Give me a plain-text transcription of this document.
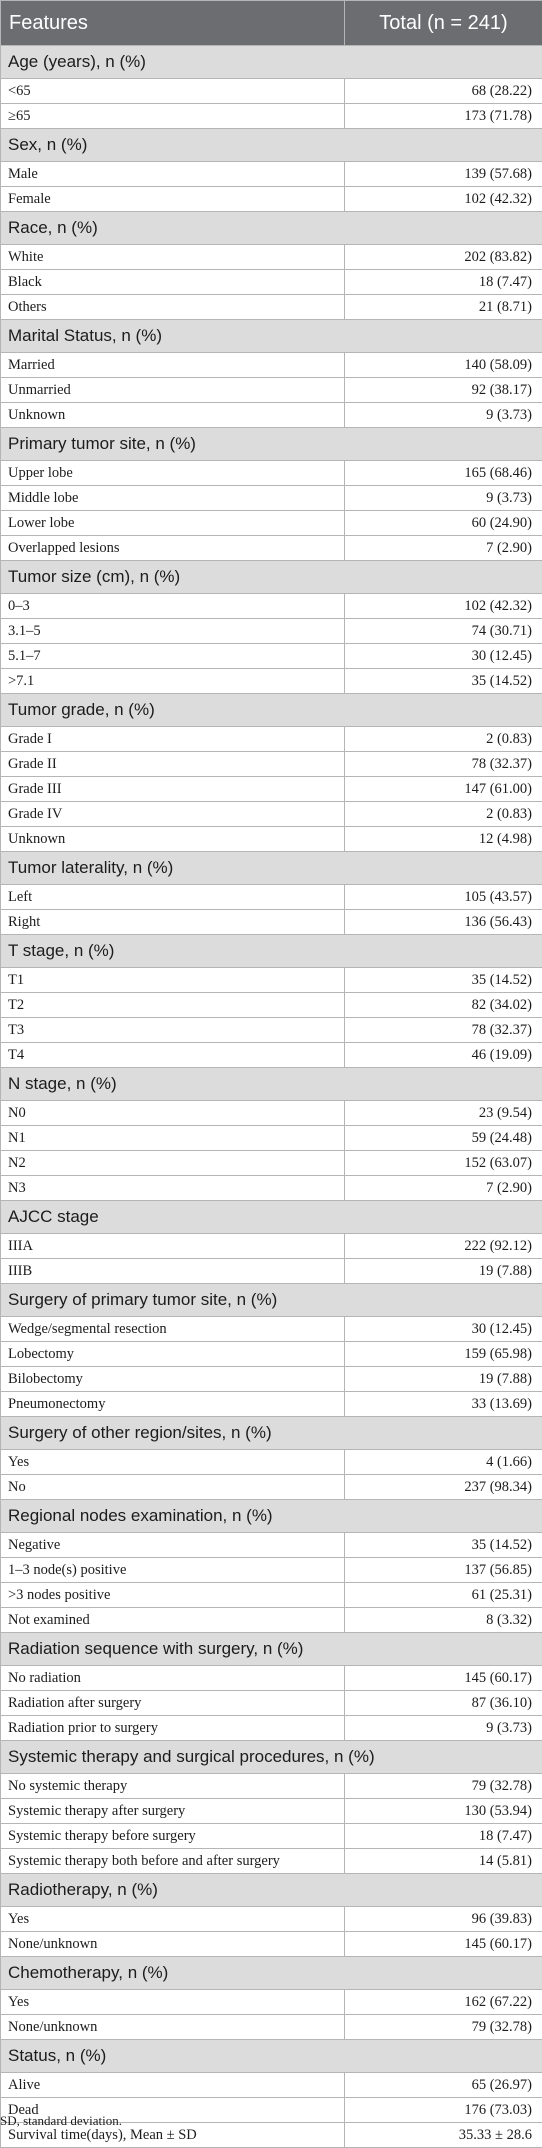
Features	Total (n = 241)
Age (years), n (%)	
<65	68 (28.22)
≥65	173 (71.78)
Sex, n (%)	
Male	139 (57.68)
Female	102 (42.32)
Race, n (%)	
White	202 (83.82)
Black	18 (7.47)
Others	21 (8.71)
Marital Status, n (%)	
Married	140 (58.09)
Unmarried	92 (38.17)
Unknown	9 (3.73)
Primary tumor site, n (%)	
Upper lobe	165 (68.46)
Middle lobe	9 (3.73)
Lower lobe	60 (24.90)
Overlapped lesions	7 (2.90)
Tumor size (cm), n (%)	
0–3	102 (42.32)
3.1–5	74 (30.71)
5.1–7	30 (12.45)
>7.1	35 (14.52)
Tumor grade, n (%)	
Grade I	2 (0.83)
Grade II	78 (32.37)
Grade III	147 (61.00)
Grade IV	2 (0.83)
Unknown	12 (4.98)
Tumor laterality, n (%)	
Left	105 (43.57)
Right	136 (56.43)
T stage, n (%)	
T1	35 (14.52)
T2	82 (34.02)
T3	78 (32.37)
T4	46 (19.09)
N stage, n (%)	
N0	23 (9.54)
N1	59 (24.48)
N2	152 (63.07)
N3	7 (2.90)
AJCC stage	
IIIA	222 (92.12)
IIIB	19 (7.88)
Surgery of primary tumor site, n (%)	
Wedge/segmental resection	30 (12.45)
Lobectomy	159 (65.98)
Bilobectomy	19 (7.88)
Pneumonectomy	33 (13.69)
Surgery of other region/sites, n (%)	
Yes	4 (1.66)
No	237 (98.34)
Regional nodes examination, n (%)	
Negative	35 (14.52)
1–3 node(s) positive	137 (56.85)
>3 nodes positive	61 (25.31)
Not examined	8 (3.32)
Radiation sequence with surgery, n (%)	
No radiation	145 (60.17)
Radiation after surgery	87 (36.10)
Radiation prior to surgery	9 (3.73)
Systemic therapy and surgical procedures, n (%)	
No systemic therapy	79 (32.78)
Systemic therapy after surgery	130 (53.94)
Systemic therapy before surgery	18 (7.47)
Systemic therapy both before and after surgery	14 (5.81)
Radiotherapy, n (%)	
Yes	96 (39.83)
None/unknown	145 (60.17)
Chemotherapy, n (%)	
Yes	162 (67.22)
None/unknown	79 (32.78)
Status, n (%)	
Alive	65 (26.97)
Dead	176 (73.03)
Survival time(days), Mean ± SD	35.33 ± 28.6
SD, standard deviation.
